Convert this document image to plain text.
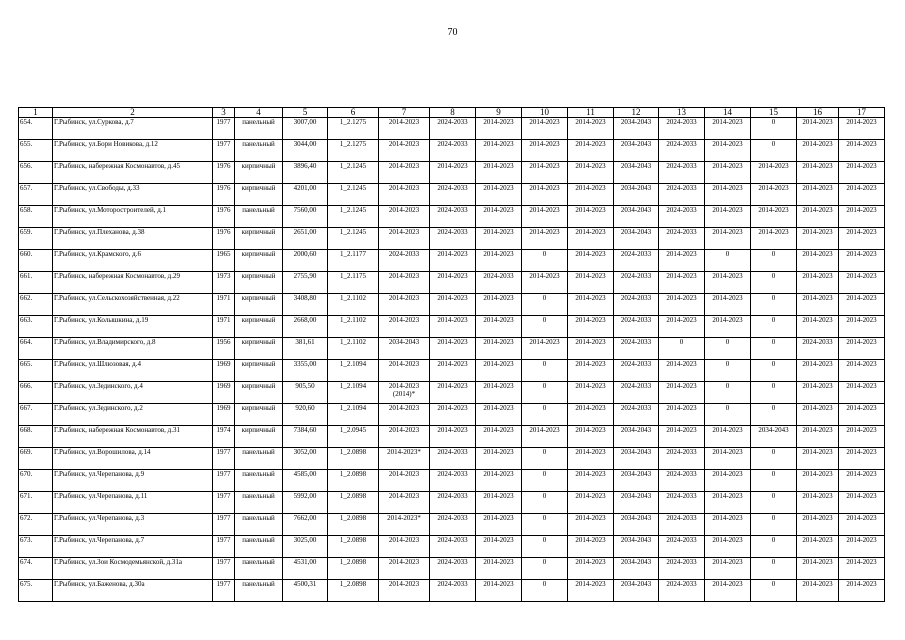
70
1	2	3	4	5	6	7	8	9	10	11	12	13	14	15	16	17
654.	Г.Рыбинск, ул.Суркова, д.7	1977	панельный	3007,00	1_2.1275	2014-2023	2024-2033	2014-2023	2014-2023	2014-2023	2034-2043	2024-2033	2014-2023	0	2014-2023	2014-2023
655.	Г.Рыбинск, ул.Бори Новикова, д.12	1977	панельный	3044,00	1_2.1275	2014-2023	2024-2033	2014-2023	2014-2023	2014-2023	2034-2043	2024-2033	2014-2023	0	2014-2023	2014-2023
656.	Г.Рыбинск, набережная Космонавтов, д.45	1976	кирпичный	3896,40	1_2.1245	2014-2023	2014-2023	2014-2023	2014-2023	2014-2023	2034-2043	2024-2033	2014-2023	2014-2023	2014-2023	2014-2023
657.	Г.Рыбинск, ул.Свободы, д.33	1976	кирпичный	4201,00	1_2.1245	2014-2023	2024-2033	2014-2023	2014-2023	2014-2023	2034-2043	2024-2033	2014-2023	2014-2023	2014-2023	2014-2023
658.	Г.Рыбинск, ул.Моторостроителей, д.1	1976	панельный	7560,00	1_2.1245	2014-2023	2024-2033	2014-2023	2014-2023	2014-2023	2034-2043	2024-2033	2014-2023	2014-2023	2014-2023	2014-2023
659.	Г.Рыбинск, ул.Плеханова, д.38	1976	кирпичный	2651,00	1_2.1245	2014-2023	2024-2033	2014-2023	2014-2023	2014-2023	2034-2043	2024-2033	2014-2023	2014-2023	2014-2023	2014-2023
660.	Г.Рыбинск, ул.Крамского, д.6	1965	кирпичный	2000,60	1_2.1177	2024-2033	2014-2023	2014-2023	0	2014-2023	2024-2033	2014-2023	0	0	2014-2023	2014-2023
661.	Г.Рыбинск, набережная Космонавтов, д.29	1973	кирпичный	2755,90	1_2.1175	2014-2023	2014-2023	2024-2033	2014-2023	2014-2023	2024-2033	2014-2023	2014-2023	0	2014-2023	2014-2023
662.	Г.Рыбинск, ул.Сельскохозяйственная, д.22	1971	кирпичный	3408,80	1_2.1102	2014-2023	2014-2023	2014-2023	0	2014-2023	2024-2033	2014-2023	2014-2023	0	2014-2023	2014-2023
663.	Г.Рыбинск, ул.Колышкина, д.19	1971	кирпичный	2668,00	1_2.1102	2014-2023	2014-2023	2014-2023	0	2014-2023	2024-2033	2014-2023	2014-2023	0	2014-2023	2014-2023
664.	Г.Рыбинск, ул.Владимирского, д.8	1956	кирпичный	381,61	1_2.1102	2034-2043	2014-2023	2014-2023	2014-2023	2014-2023	2024-2033	0	0	0	2024-2033	2014-2023
665.	Г.Рыбинск, ул.Шлюзовая, д.4	1969	кирпичный	3355,00	1_2.1094	2014-2023	2014-2023	2014-2023	0	2014-2023	2024-2033	2014-2023	0	0	2014-2023	2014-2023
666.	Г.Рыбинск, ул.Зединского, д.4	1969	кирпичный	905,50	1_2.1094	2014-2023 (2014)*	2014-2023	2014-2023	0	2014-2023	2024-2033	2014-2023	0	0	2014-2023	2014-2023
667.	Г.Рыбинск, ул.Зединского, д.2	1969	кирпичный	920,60	1_2.1094	2014-2023	2014-2023	2014-2023	0	2014-2023	2024-2033	2014-2023	0	0	2014-2023	2014-2023
668.	Г.Рыбинск, набережная Космонавтов, д.31	1974	кирпичный	7384,60	1_2.0945	2014-2023	2014-2023	2014-2023	2014-2023	2014-2023	2034-2043	2014-2023	2014-2023	2034-2043	2014-2023	2014-2023
669.	Г.Рыбинск, ул.Ворошилова, д.14	1977	панельный	3052,00	1_2.0898	2014-2023*	2024-2033	2014-2023	0	2014-2023	2034-2043	2024-2033	2014-2023	0	2014-2023	2014-2023
670.	Г.Рыбинск, ул.Черепанова, д.9	1977	панельный	4585,00	1_2.0898	2014-2023	2024-2033	2014-2023	0	2014-2023	2034-2043	2024-2033	2014-2023	0	2014-2023	2014-2023
671.	Г.Рыбинск, ул.Черепанова, д.11	1977	панельный	5992,00	1_2.0898	2014-2023	2024-2033	2014-2023	0	2014-2023	2034-2043	2024-2033	2014-2023	0	2014-2023	2014-2023
672.	Г.Рыбинск, ул.Черепанова, д.3	1977	панельный	7662,00	1_2.0898	2014-2023*	2024-2033	2014-2023	0	2014-2023	2034-2043	2024-2033	2014-2023	0	2014-2023	2014-2023
673.	Г.Рыбинск, ул.Черепанова, д.7	1977	панельный	3025,00	1_2.0898	2014-2023	2024-2033	2014-2023	0	2014-2023	2034-2043	2024-2033	2014-2023	0	2014-2023	2014-2023
674.	Г.Рыбинск, ул.Зои Космодемьянской, д.31а	1977	панельный	4531,00	1_2.0898	2014-2023	2024-2033	2014-2023	0	2014-2023	2034-2043	2024-2033	2014-2023	0	2014-2023	2014-2023
675.	Г.Рыбинск, ул.Баженова, д.30а	1977	панельный	4500,31	1_2.0898	2014-2023	2024-2033	2014-2023	0	2014-2023	2034-2043	2024-2033	2014-2023	0	2014-2023	2014-2023
